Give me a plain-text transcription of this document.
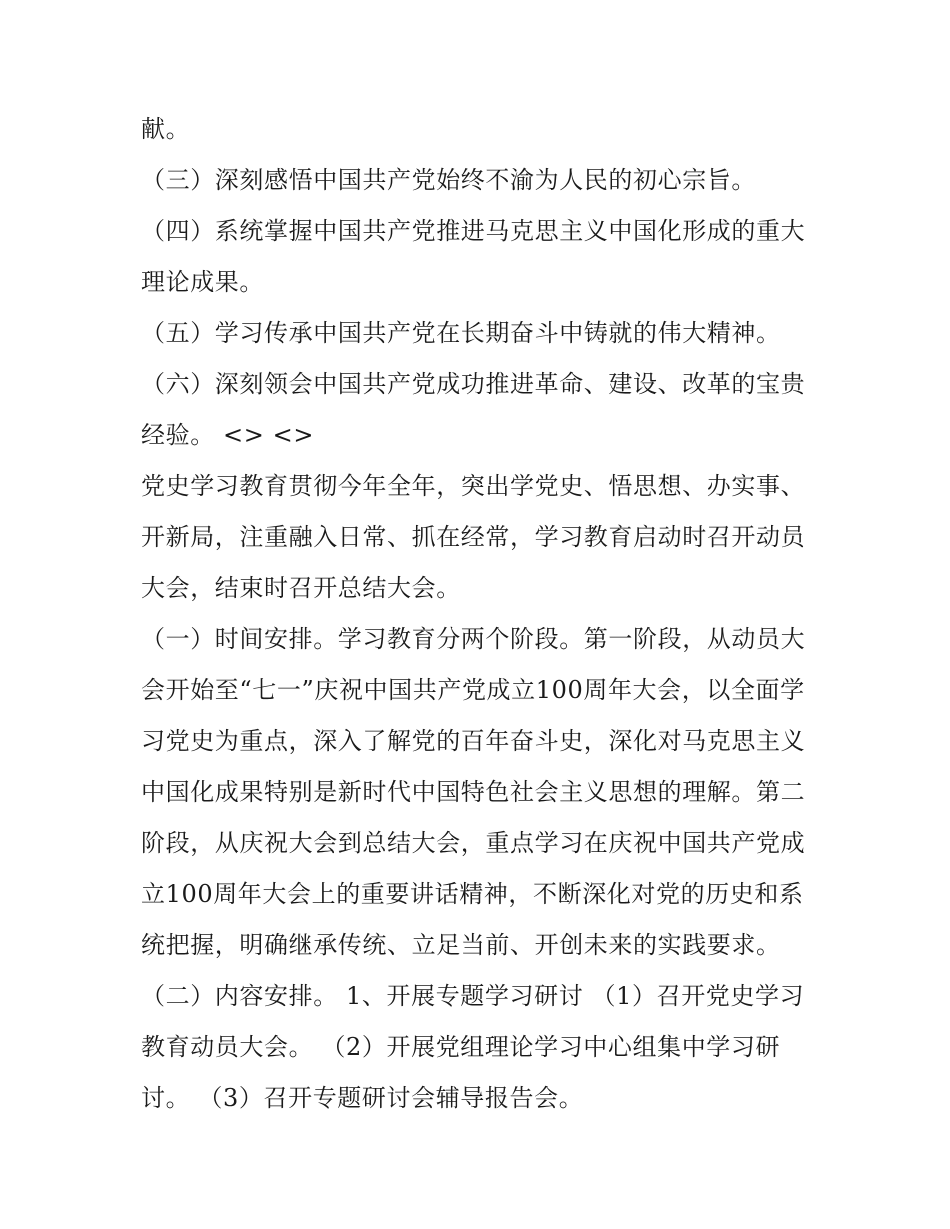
献。
（三）深刻感悟中国共产党始终不渝为人民的初心宗旨。
（四）系统掌握中国共产党推进马克思主义中国化形成的重大
理论成果。
（五）学习传承中国共产党在长期奋斗中铸就的伟大精神。
（六）深刻领会中国共产党成功推进革命、建设、改革的宝贵
经验。 <> <>
党史学习教育贯彻今年全年，突出学党史、悟思想、办实事、
开新局，注重融入日常、抓在经常，学习教育启动时召开动员
大会，结束时召开总结大会。
（一）时间安排。学习教育分两个阶段。第一阶段，从动员大
会开始至“七一”庆祝中国共产党成立100周年大会，以全面学
习党史为重点，深入了解党的百年奋斗史，深化对马克思主义
中国化成果特别是新时代中国特色社会主义思想的理解。第二
阶段，从庆祝大会到总结大会，重点学习在庆祝中国共产党成
立100周年大会上的重要讲话精神，不断深化对党的历史和系
统把握，明确继承传统、立足当前、开创未来的实践要求。
（二）内容安排。 1、开展专题学习研讨 （1）召开党史学习
教育动员大会。 （2）开展党组理论学习中心组集中学习研
讨。 （3）召开专题研讨会辅导报告会。
